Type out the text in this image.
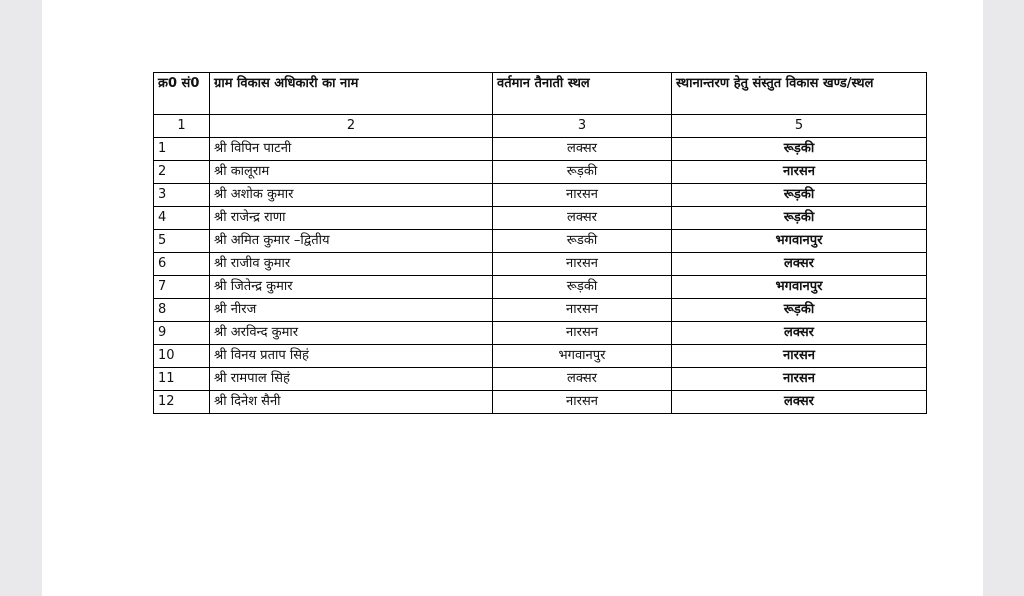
क्र0 सं0	ग्राम विकास अधिकारी का नाम	वर्तमान तैनाती स्थल	स्थानान्तरण हेतु संस्तुत विकास खण्ड/स्थल
1	2	3	5
1	श्री विपिन पाटनी	लक्सर	रूड़की
2	श्री कालूराम	रूड़की	नारसन
3	श्री अशोक कुमार	नारसन	रूड़की
4	श्री राजेन्द्र राणा	लक्सर	रूड़की
5	श्री अमित कुमार –द्वितीय	रूडकी	भगवानपुर
6	श्री राजीव कुमार	नारसन	लक्सर
7	श्री जितेन्द्र कुमार	रूड़की	भगवानपुर
8	श्री नीरज	नारसन	रूड़की
9	श्री अरविन्द कुमार	नारसन	लक्सर
10	श्री विनय प्रताप सिहं	भगवानपुर	नारसन
11	श्री रामपाल सिहं	लक्सर	नारसन
12	श्री दिनेश सैनी	नारसन	लक्सर
